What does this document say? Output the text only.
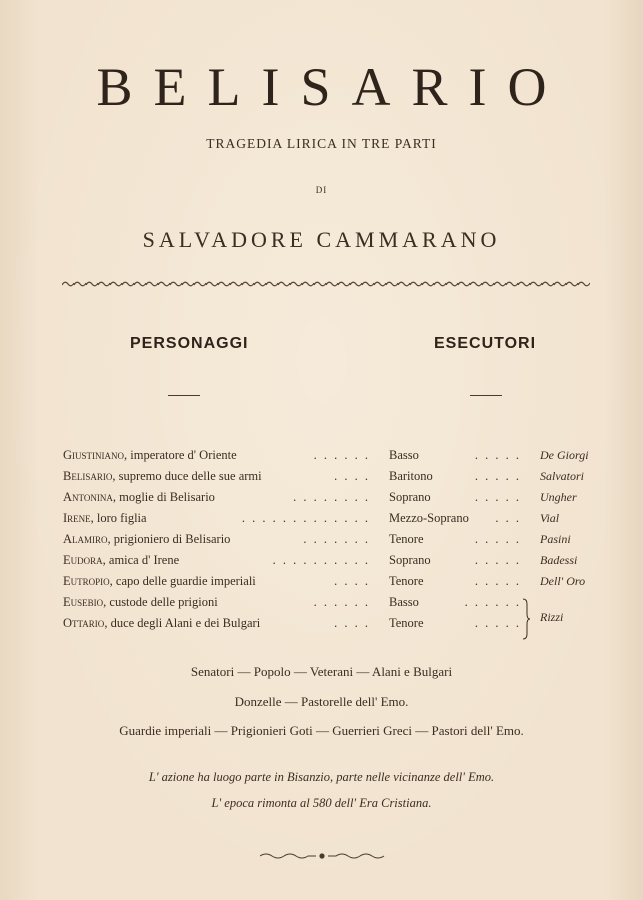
BELISARIO
TRAGEDIA LIRICA IN TRE PARTI
DI
SALVADORE CAMMARANO
PERSONAGGI	ESECUTORI
Giustiniano, imperatore d' Oriente	. . . . . . Basso	. . . . . De Giorgi
Belisario, supremo duce delle sue armi	. . . . Baritono	. . . . . Salvatori
Antonina, moglie di Belisario	. . . . . . . . Soprano	. . . . . Ungher
Irene, loro figlia	. . . . . . . . . . . . . Mezzo-Soprano	. . . Vial
Alamiro, prigioniero di Belisario	. . . . . . . Tenore	. . . . . Pasini
Eudora, amica d' Irene	. . . . . . . . . . Soprano	. . . . . Badessi
Eutropio, capo delle guardie imperiali	. . . . Tenore	. . . . . Dell' Oro
Eusebio, custode delle prigioni	. . . . . . Basso	. . . . . .
Ottario, duce degli Alani e dei Bulgari	. . . . Tenore	. . . . . Rizzi
Senatori — Popolo — Veterani — Alani e Bulgari
Donzelle — Pastorelle dell' Emo.
Guardie imperiali — Prigionieri Goti — Guerrieri Greci — Pastori dell' Emo.
L' azione ha luogo parte in Bisanzio, parte nelle vicinanze dell' Emo.
L' epoca rimonta al 580 dell' Era Cristiana.
